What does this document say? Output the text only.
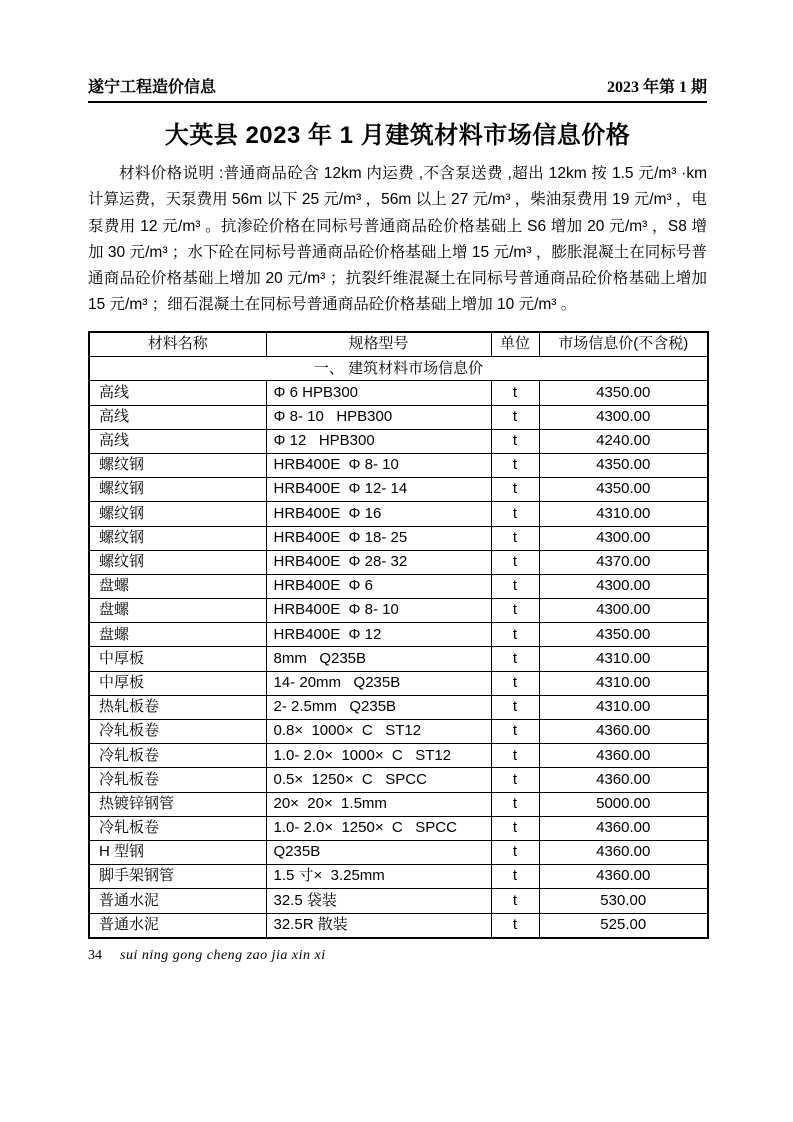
遂宁工程造价信息	2023 年第 1 期
大英县 2023 年 1 月建筑材料市场信息价格

材料价格说明 :普通商品砼含 12km 内运费 ,不含泵送费 ,超出 12km 按 1.5 元/m³ ·km 计算运费，天泵费用 56m 以下 25 元/m³ ，56m 以上 27 元/m³ ，柴油泵费用 19 元/m³ ，电泵费用 12 元/m³ 。抗渗砼价格在同标号普通商品砼价格基础上 S6 增加 20 元/m³ ，S8 增加 30 元/m³ ；水下砼在同标号普通商品砼价格基础上增 15 元/m³ ，膨胀混凝土在同标号普通商品砼价格基础上增加 20 元/m³ ；抗裂纤维混凝土在同标号普通商品砼价格基础上增加 15 元/m³ ；细石混凝土在同标号普通商品砼价格基础上增加 10 元/m³ 。

材料名称	规格型号	单位	市场信息价(不含税)
一、 建筑材料市场信息价			
高线	Φ 6 HPB300	t	4350.00
高线	Φ 8- 10   HPB300	t	4300.00
高线	Φ 12   HPB300	t	4240.00
螺纹钢	HRB400E  Φ 8- 10	t	4350.00
螺纹钢	HRB400E  Φ 12- 14	t	4350.00
螺纹钢	HRB400E  Φ 16	t	4310.00
螺纹钢	HRB400E  Φ 18- 25	t	4300.00
螺纹钢	HRB400E  Φ 28- 32	t	4370.00
盘螺	HRB400E  Φ 6	t	4300.00
盘螺	HRB400E  Φ 8- 10	t	4300.00
盘螺	HRB400E  Φ 12	t	4350.00
中厚板	8mm   Q235B	t	4310.00
中厚板	14- 20mm   Q235B	t	4310.00
热轧板卷	2- 2.5mm   Q235B	t	4310.00
冷轧板卷	0.8×  1000×  C   ST12	t	4360.00
冷轧板卷	1.0- 2.0×  1000×  C   ST12	t	4360.00
冷轧板卷	0.5×  1250×  C   SPCC	t	4360.00
热镀锌钢管	20×  20×  1.5mm	t	5000.00
冷轧板卷	1.0- 2.0×  1250×  C   SPCC	t	4360.00
H 型钢	Q235B	t	4360.00
脚手架钢管	1.5 寸×  3.25mm	t	4360.00
普通水泥	32.5 袋装	t	530.00
普通水泥	32.5R 散装	t	525.00
34 sui ning gong cheng zao jia xin xi
